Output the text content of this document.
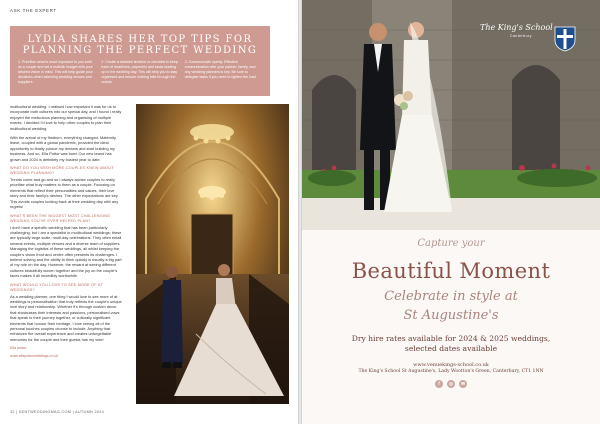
ASK THE EXPERT
LYDIA SHARES HER TOP TIPS FOR
PLANNING THE PERFECT WEDDING
1. Prioritise what is most important to you both as a couple and set a realistic budget with your desired vision in mind. This will help guide your decisions when selecting wedding venues and suppliers.
2. Create a detailed timeline or checklist to keep track of deadlines, payments and tasks leading up to the wedding day. This will help you to stay organised and ensure nothing falls through the cracks.
3. Communicate openly. Effective communication with your partner, family, and any wedding planners is key. Be sure to delegate tasks if you need to lighten the load.

multicultural wedding. I realised how important it was for us to incorporate both cultures into our special day, and I found I really enjoyed the meticulous planning and organising of multiple events. I decided I'd love to help other couples to plan their multicultural wedding.

With the arrival of my firstborn, everything changed. Maternity leave, coupled with a global pandemic, provided the ideal opportunity to finally pursue my dreams and start building my business. And so, Ella Pottur was born! Our new brand has grown and 2024 is definitely my busiest year to date.

WHAT DO YOU WISH MORE COUPLES KNEW ABOUT WEDDING PLANNING?

Trends come and go and so I always advise couples to really prioritise what truly matters to them as a couple. Focusing on elements that reflect their personalities and values, their love story and their family's desires. The other expectations are key. This avoids couples looking back at their wedding day with any regrets!

WHAT'S BEEN THE BIGGEST MOST CHALLENGING WEDDING YOU'VE EVER HELPED PLAN?

I don't have a specific wedding that has been particularly challenging, but I am a specialist in multicultural weddings; these are typically large scale, multi-day celebrations. They often entail several events, multiple venues and a diverse team of suppliers. Managing the logistics of these weddings, all whilst keeping the couple's vision front and centre often presents its challenges. I believe solving and the ability to think quickly is usually a big part of my role on the day. However, the reward at seeing different cultures beautifully woven together and the joy on the couple's faces makes it all incredibly worthwhile.

WHAT WOULD YOU LOVE TO SEE MORE OF AT WEDDINGS?

As a wedding planner, one thing I would love to see more of at weddings is personalisation that truly reflects the couple's unique love story and relationship. Whether it's through custom decor that showcases their interests and passions, personalised vows that speak to their journey together, or culturally significant elements that honour their heritage, I love seeing all of the personal touches couples choose to include. Anything that enhances the overall experience and creates unforgettable memories for the couple and their guests has my vote!

Ella pottur
www.ellapotturweddings.co.uk
32 | KENTWEDDINGMAG.COM | AUTUMN 2024
The King's School
Canterbury
Capture your
Beautiful Moment
Celebrate in style at
St Augustine's
Dry hire rates available for 2024 & 2025 weddings,
selected dates available
www.venuekings-school.co.uk
The King's School St Augustine's, Lady Wootton's Green, Canterbury, CT1 1NN
f	◎	✉
